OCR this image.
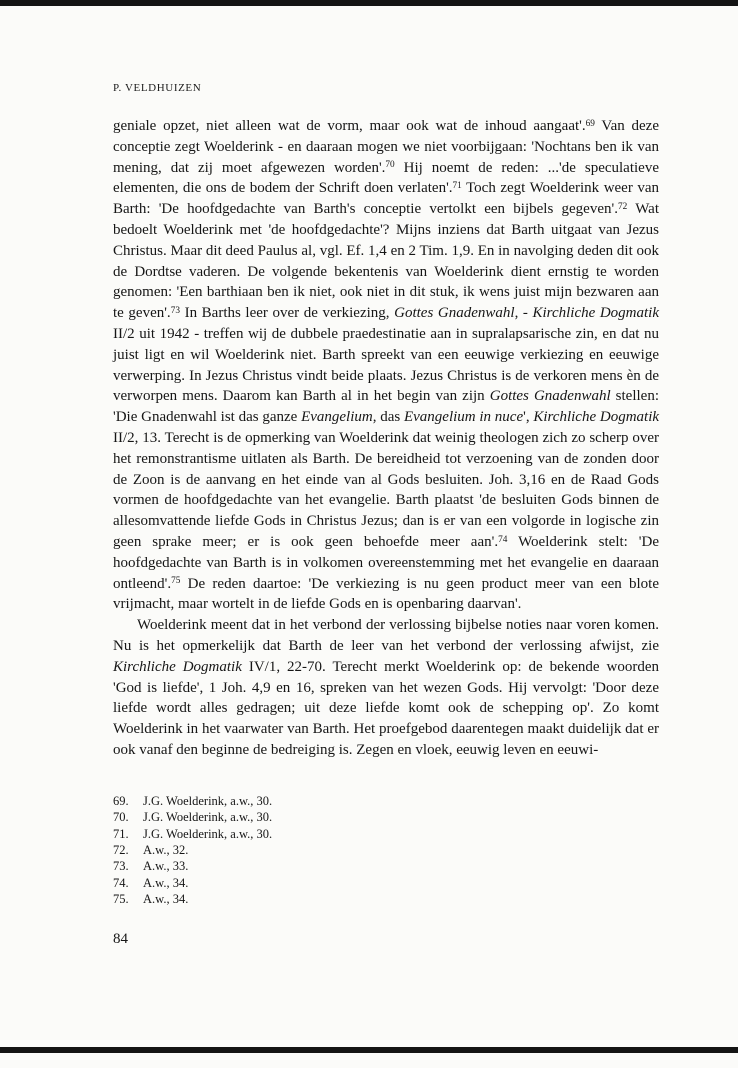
P. VELDHUIZEN

geniale opzet, niet alleen wat de vorm, maar ook wat de inhoud aangaat'.$^{69}$ Van deze conceptie zegt Woelderink - en daaraan mogen we niet voorbijgaan: 'Nochtans ben ik van mening, dat zij moet afgewezen worden'.$^{70}$ Hij noemt de reden: ...'de speculatieve elementen, die ons de bodem der Schrift doen verlaten'.$^{71}$ Toch zegt Woelderink weer van Barth: 'De hoofdgedachte van Barth's conceptie vertolkt een bijbels gegeven'.$^{72}$ Wat bedoelt Woelderink met 'de hoofdgedachte'? Mijns inziens dat Barth uitgaat van Jezus Christus. Maar dit deed Paulus al, vgl. Ef. 1,4 en 2 Tim. 1,9. En in navolging deden dit ook de Dordtse vaderen. De volgende bekentenis van Woelderink dient ernstig te worden genomen: 'Een barthiaan ben ik niet, ook niet in dit stuk, ik wens juist mijn bezwaren aan te geven'.$^{73}$ In Barths leer over de verkiezing, Gottes Gnadenwahl, - Kirchliche Dogmatik II/2 uit 1942 - treffen wij de dubbele praedestinatie aan in supralapsarische zin, en dat nu juist ligt en wil Woelderink niet. Barth spreekt van een eeuwige verkiezing en eeuwige verwerping. In Jezus Christus vindt beide plaats. Jezus Christus is de verkoren mens èn de verworpen mens. Daarom kan Barth al in het begin van zijn Gottes Gnadenwahl stellen: 'Die Gnadenwahl ist das ganze Evangelium, das Evangelium in nuce', Kirchliche Dogmatik II/2, 13. Terecht is de opmerking van Woelderink dat weinig theologen zich zo scherp over het remonstrantisme uitlaten als Barth. De bereidheid tot verzoening van de zonden door de Zoon is de aanvang en het einde van al Gods besluiten. Joh. 3,16 en de Raad Gods vormen de hoofdgedachte van het evangelie. Barth plaatst 'de besluiten Gods binnen de allesomvattende liefde Gods in Christus Jezus; dan is er van een volgorde in logische zin geen sprake meer; er is ook geen behoefde meer aan'.$^{74}$ Woelderink stelt: 'De hoofdgedachte van Barth is in volkomen overeenstemming met het evangelie en daaraan ontleend'.$^{75}$ De reden daartoe: 'De verkiezing is nu geen product meer van een blote vrijmacht, maar wortelt in de liefde Gods en is openbaring daarvan'.

Woelderink meent dat in het verbond der verlossing bijbelse noties naar voren komen. Nu is het opmerkelijk dat Barth de leer van het verbond der verlossing afwijst, zie Kirchliche Dogmatik IV/1, 22-70. Terecht merkt Woelderink op: de bekende woorden 'God is liefde', 1 Joh. 4,9 en 16, spreken van het wezen Gods. Hij vervolgt: 'Door deze liefde wordt alles gedragen; uit deze liefde komt ook de schepping op'. Zo komt Woelderink in het vaarwater van Barth. Het proefgebod daarentegen maakt duidelijk dat er ook vanaf den beginne de bedreiging is. Zegen en vloek, eeuwig leven en eeuwi-

69.	J.G. Woelderink, a.w., 30.
70.	J.G. Woelderink, a.w., 30.
71.	J.G. Woelderink, a.w., 30.
72.	A.w., 32.
73.	A.w., 33.
74.	A.w., 34.
75.	A.w., 34.
84
